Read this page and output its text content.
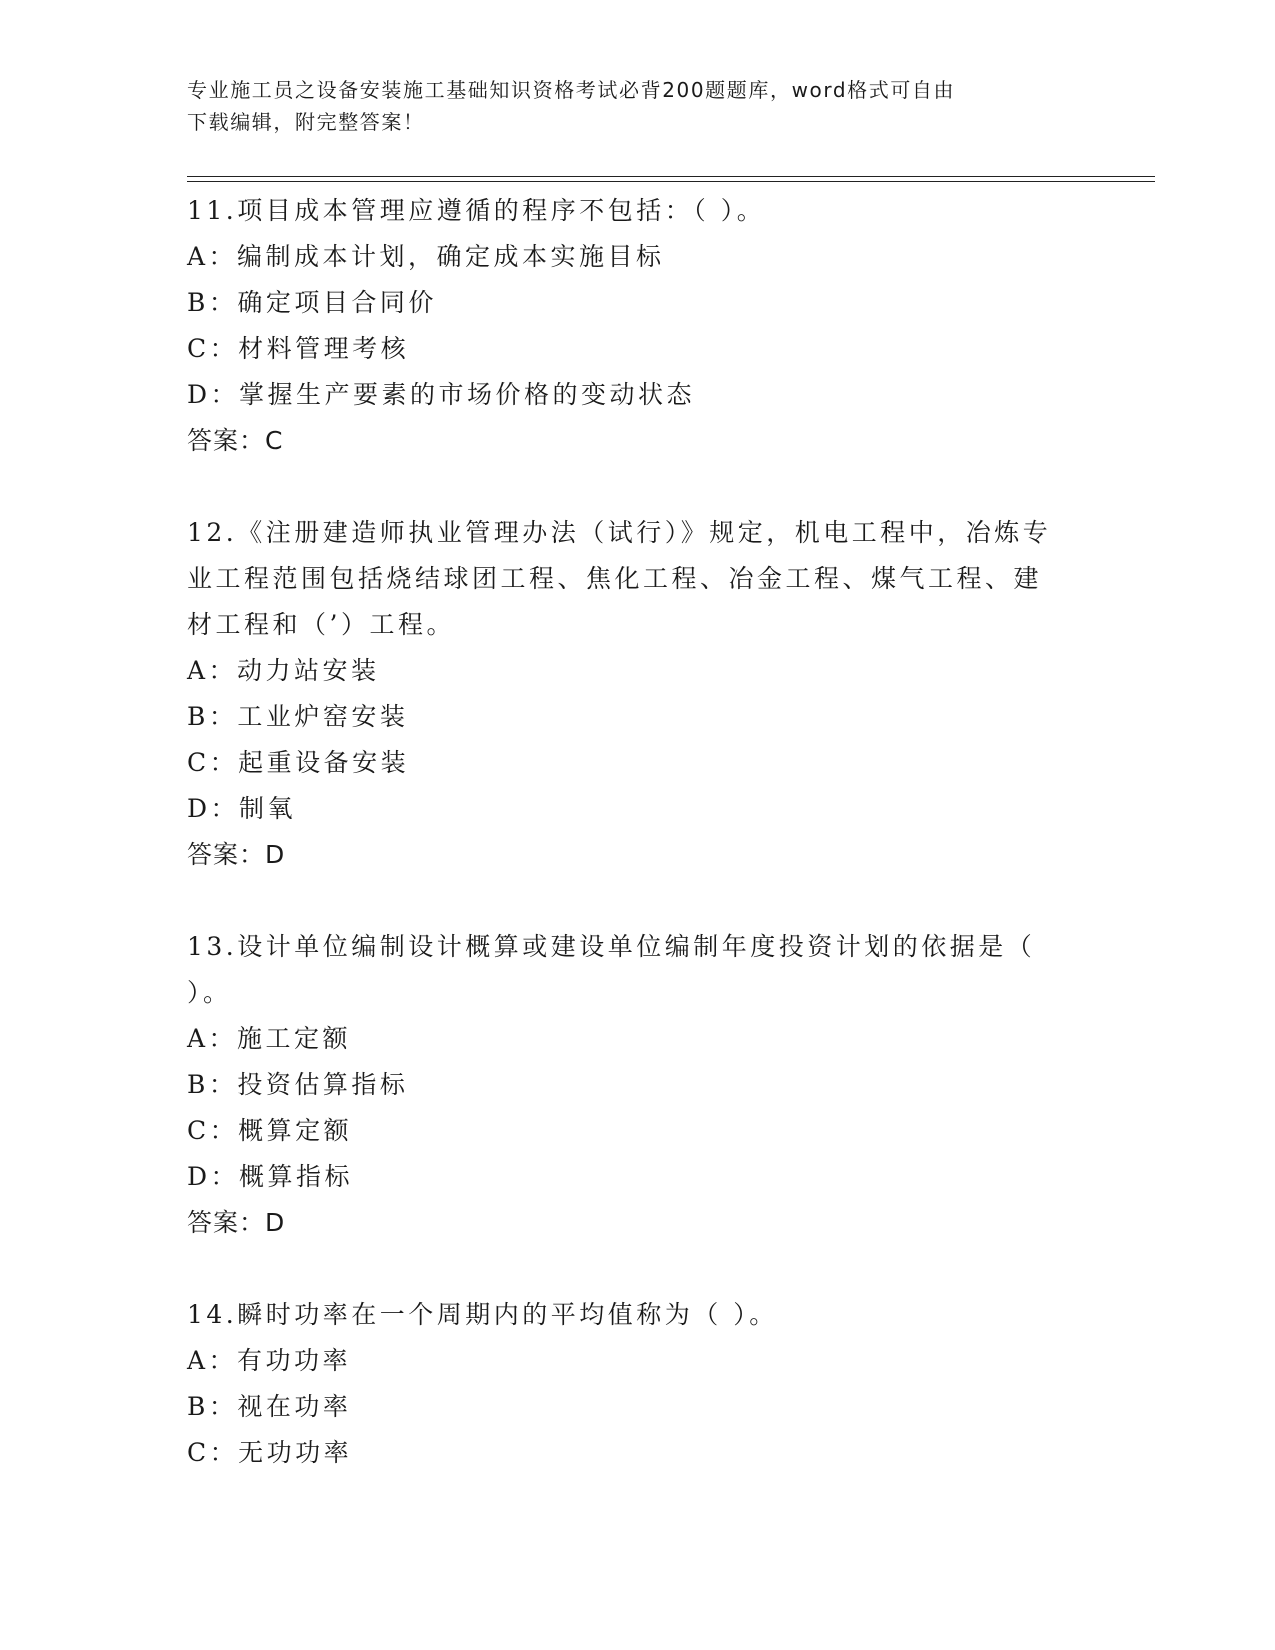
专业施工员之设备安装施工基础知识资格考试必背200题题库，word格式可自由
下载编辑，附完整答案！
11.项目成本管理应遵循的程序不包括：（ ）。
A：编制成本计划，确定成本实施目标
B：确定项目合同价
C：材料管理考核
D：掌握生产要素的市场价格的变动状态
答案：C
12.《注册建造师执业管理办法（试行）》规定，机电工程中，冶炼专
业工程范围包括烧结球团工程、焦化工程、冶金工程、煤气工程、建
材工程和（’）工程。
A：动力站安装
B：工业炉窑安装
C：起重设备安装
D：制氧
答案：D
13.设计单位编制设计概算或建设单位编制年度投资计划的依据是（
）。
A：施工定额
B：投资估算指标
C：概算定额
D：概算指标
答案：D
14.瞬时功率在一个周期内的平均值称为（ ）。
A：有功功率
B：视在功率
C：无功功率
